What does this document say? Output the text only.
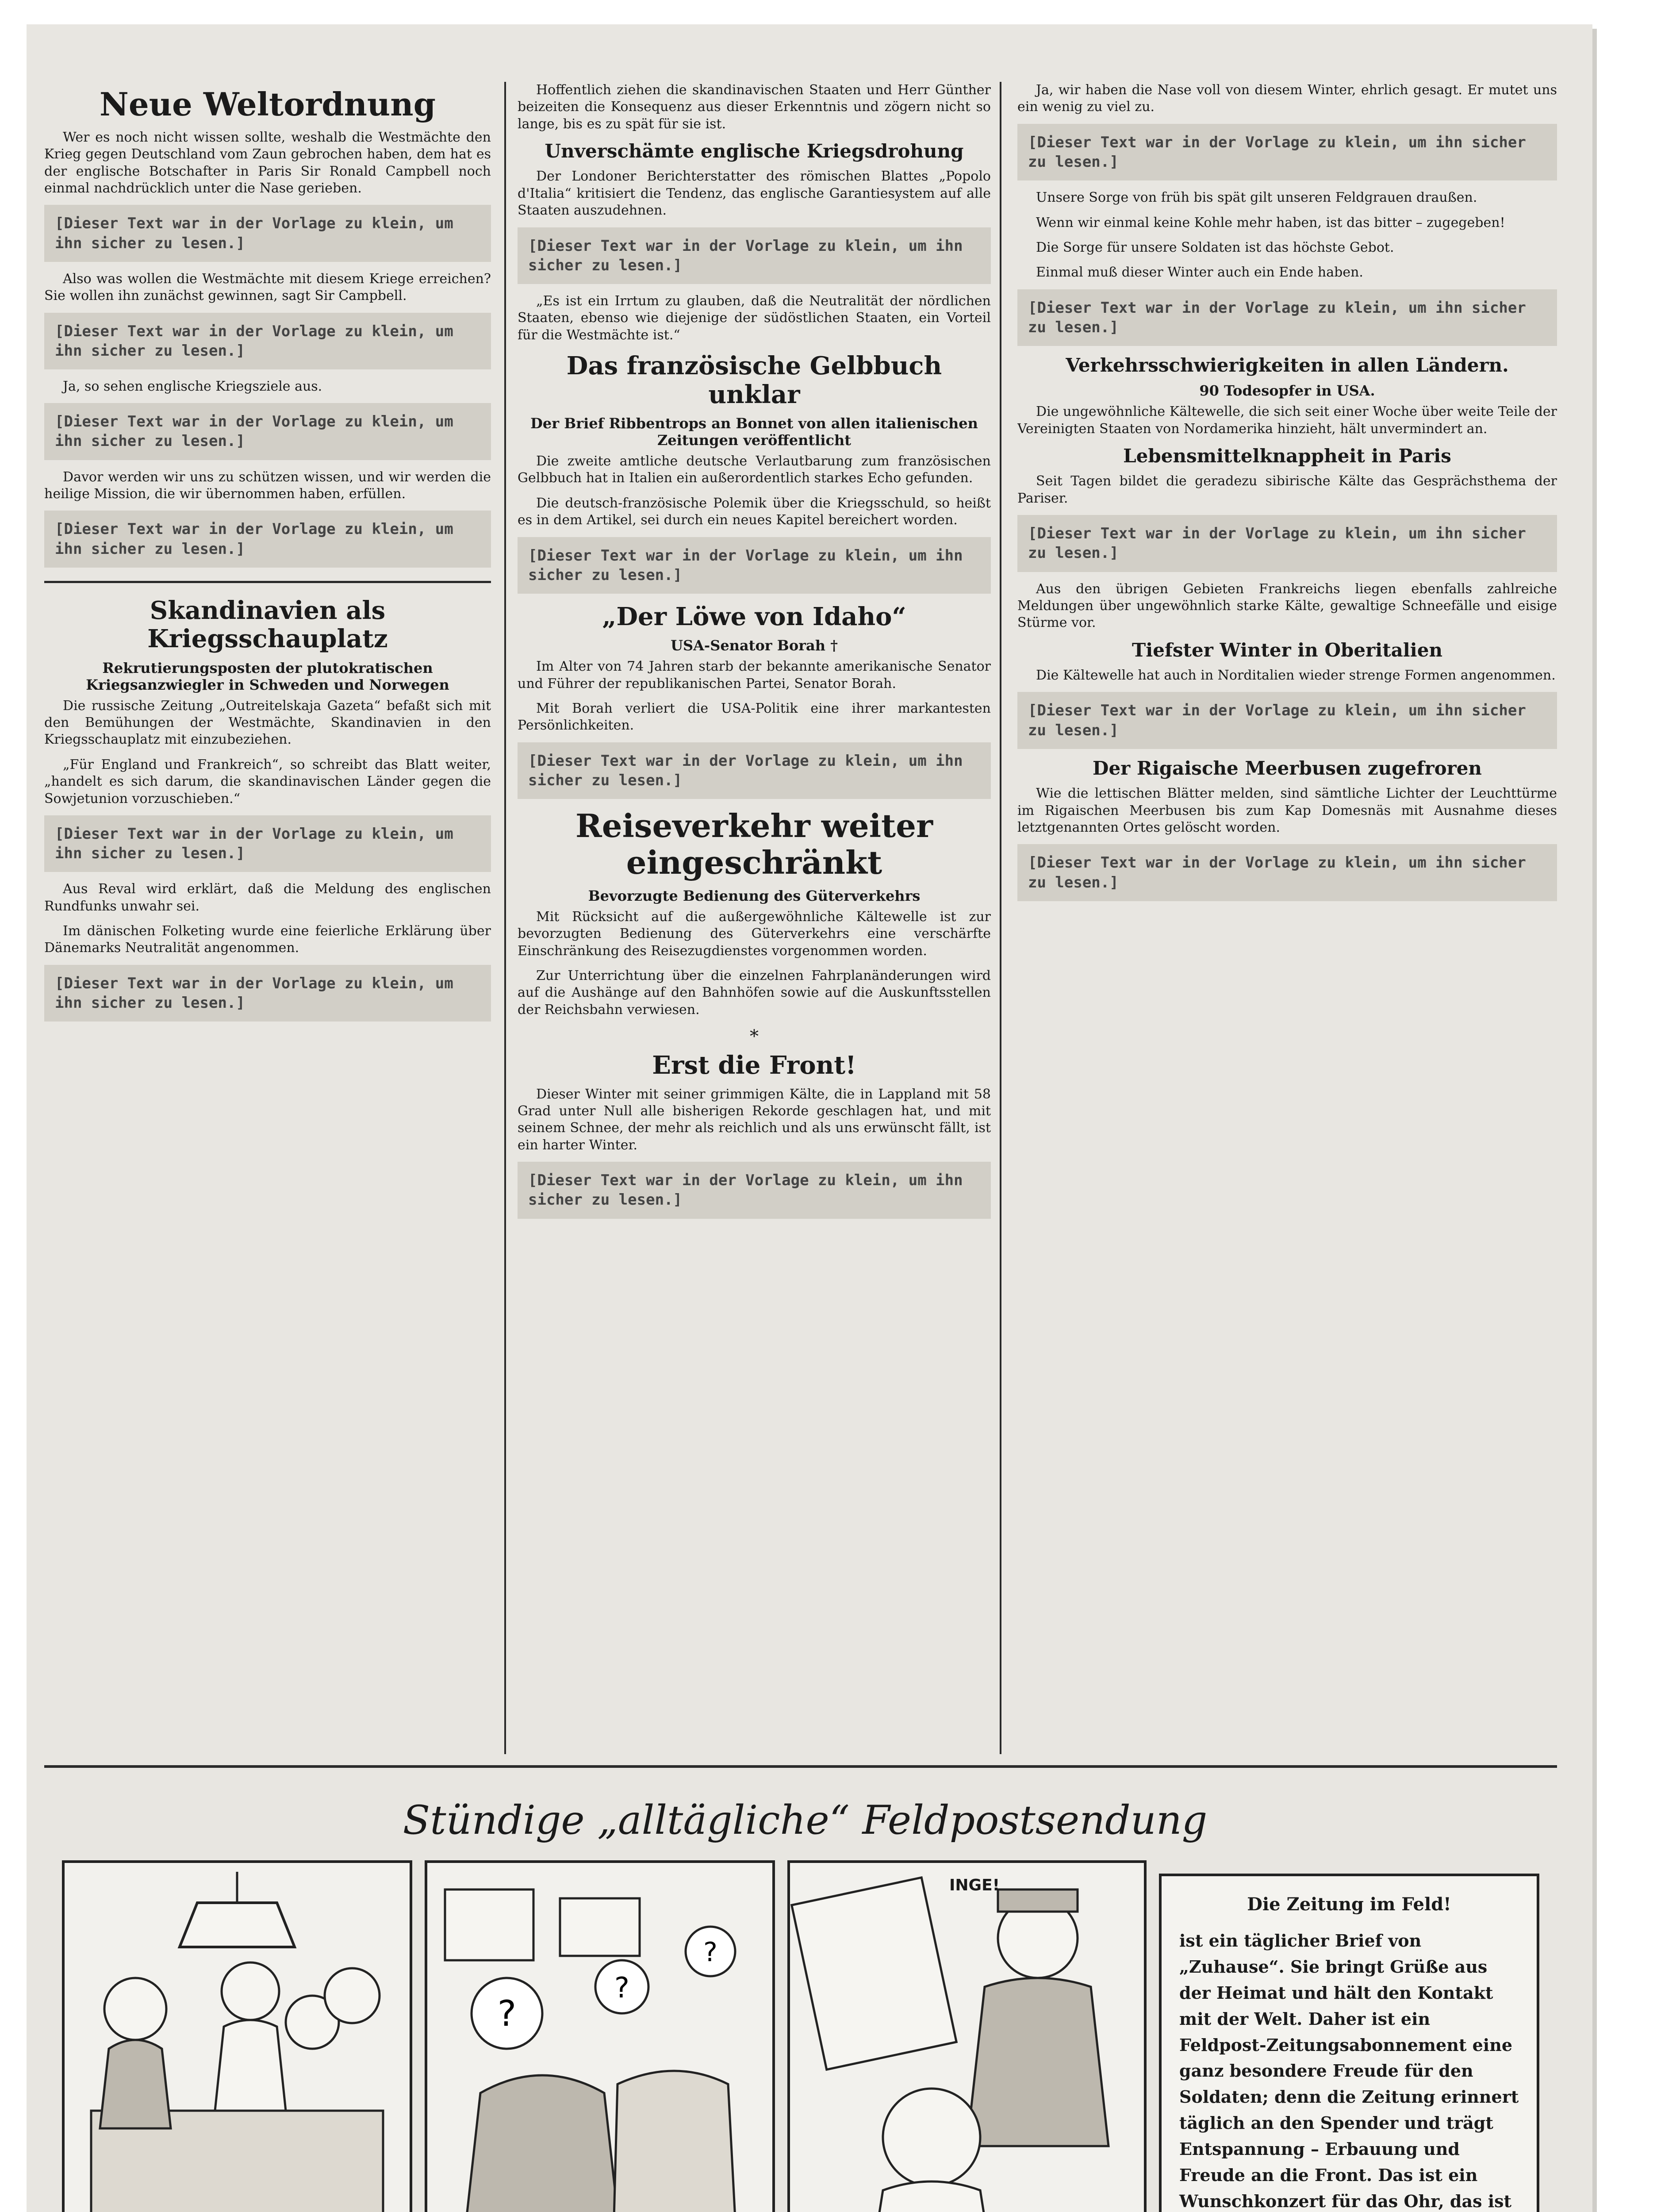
Neue Weltordnung

Wer es noch nicht wissen sollte, weshalb die Westmächte den Krieg gegen Deutschland vom Zaun gebrochen haben, dem hat es der englische Botschafter in Paris Sir Ronald Campbell noch einmal nachdrücklich unter die Nase gerieben.

[Dieser Text war in der Vorlage zu klein, um ihn sicher zu lesen.]

Also was wollen die Westmächte mit diesem Kriege erreichen? Sie wollen ihn zunächst gewinnen, sagt Sir Campbell.

[Dieser Text war in der Vorlage zu klein, um ihn sicher zu lesen.]

Ja, so sehen englische Kriegsziele aus.

[Dieser Text war in der Vorlage zu klein, um ihn sicher zu lesen.]

Davor werden wir uns zu schützen wissen, und wir werden die heilige Mission, die wir übernommen haben, erfüllen.

[Dieser Text war in der Vorlage zu klein, um ihn sicher zu lesen.]
Skandinavien als Kriegsschauplatz
Rekrutierungsposten der plutokratischen Kriegsanzwiegler in Schweden und Norwegen

Die russische Zeitung „Outreitelskaja Gazeta“ befaßt sich mit den Bemühungen der Westmächte, Skandinavien in den Kriegsschauplatz mit einzubeziehen.

„Für England und Frankreich“, so schreibt das Blatt weiter, „handelt es sich darum, die skandinavischen Länder gegen die Sowjetunion vorzuschieben.“

[Dieser Text war in der Vorlage zu klein, um ihn sicher zu lesen.]

Aus Reval wird erklärt, daß die Meldung des englischen Rundfunks unwahr sei.

Im dänischen Folketing wurde eine feierliche Erklärung über Dänemarks Neutralität angenommen.

[Dieser Text war in der Vorlage zu klein, um ihn sicher zu lesen.]

Hoffentlich ziehen die skandinavischen Staaten und Herr Günther beizeiten die Konsequenz aus dieser Erkenntnis und zögern nicht so lange, bis es zu spät für sie ist.

Unverschämte englische Kriegsdrohung

Der Londoner Berichterstatter des römischen Blattes „Popolo d'Italia“ kritisiert die Tendenz, das englische Garantiesystem auf alle Staaten auszudehnen.

[Dieser Text war in der Vorlage zu klein, um ihn sicher zu lesen.]

„Es ist ein Irrtum zu glauben, daß die Neutralität der nördlichen Staaten, ebenso wie diejenige der südöstlichen Staaten, ein Vorteil für die Westmächte ist.“

Das französische Gelbbuch unklar
Der Brief Ribbentrops an Bonnet von allen italienischen Zeitungen veröffentlicht

Die zweite amtliche deutsche Verlautbarung zum französischen Gelbbuch hat in Italien ein außerordentlich starkes Echo gefunden.

Die deutsch-französische Polemik über die Kriegsschuld, so heißt es in dem Artikel, sei durch ein neues Kapitel bereichert worden.

[Dieser Text war in der Vorlage zu klein, um ihn sicher zu lesen.]
„Der Löwe von Idaho“
USA-Senator Borah †

Im Alter von 74 Jahren starb der bekannte amerikanische Senator und Führer der republikanischen Partei, Senator Borah.

Mit Borah verliert die USA-Politik eine ihrer markantesten Persönlichkeiten.

[Dieser Text war in der Vorlage zu klein, um ihn sicher zu lesen.]
Reiseverkehr weiter eingeschränkt
Bevorzugte Bedienung des Güterverkehrs

Mit Rücksicht auf die außergewöhnliche Kältewelle ist zur bevorzugten Bedienung des Güterverkehrs eine verschärfte Einschränkung des Reisezugdienstes vorgenommen worden.

Zur Unterrichtung über die einzelnen Fahrplanänderungen wird auf die Aushänge auf den Bahnhöfen sowie auf die Auskunftsstellen der Reichsbahn verwiesen.

*
Erst die Front!

Dieser Winter mit seiner grimmigen Kälte, die in Lappland mit 58 Grad unter Null alle bisherigen Rekorde geschlagen hat, und mit seinem Schnee, der mehr als reichlich und als uns erwünscht fällt, ist ein harter Winter.

[Dieser Text war in der Vorlage zu klein, um ihn sicher zu lesen.]

Ja, wir haben die Nase voll von diesem Winter, ehrlich gesagt. Er mutet uns ein wenig zu viel zu.

[Dieser Text war in der Vorlage zu klein, um ihn sicher zu lesen.]

Unsere Sorge von früh bis spät gilt unseren Feldgrauen draußen.

Wenn wir einmal keine Kohle mehr haben, ist das bitter – zugegeben!

Die Sorge für unsere Soldaten ist das höchste Gebot.

Einmal muß dieser Winter auch ein Ende haben.

[Dieser Text war in der Vorlage zu klein, um ihn sicher zu lesen.]
Verkehrsschwierigkeiten in allen Ländern.
90 Todesopfer in USA.

Die ungewöhnliche Kältewelle, die sich seit einer Woche über weite Teile der Vereinigten Staaten von Nordamerika hinzieht, hält unvermindert an.

Lebensmittelknappheit in Paris

Seit Tagen bildet die geradezu sibirische Kälte das Gesprächsthema der Pariser.

[Dieser Text war in der Vorlage zu klein, um ihn sicher zu lesen.]

Aus den übrigen Gebieten Frankreichs liegen ebenfalls zahlreiche Meldungen über ungewöhnlich starke Kälte, gewaltige Schneefälle und eisige Stürme vor.

Tiefster Winter in Oberitalien

Die Kältewelle hat auch in Norditalien wieder strenge Formen angenommen.

[Dieser Text war in der Vorlage zu klein, um ihn sicher zu lesen.]
Der Rigaische Meerbusen zugefroren

Wie die lettischen Blätter melden, sind sämtliche Lichter der Leuchttürme im Rigaischen Meerbusen bis zum Kap Domesnäs mit Ausnahme dieses letztgenannten Ortes gelöscht worden.

[Dieser Text war in der Vorlage zu klein, um ihn sicher zu lesen.]
Stündige „alltägliche“ Feldpostsendung
?
?
?
INGE!
Die Zeitung im Feld!
ist ein täglicher Brief von „Zuhause“. Sie bringt Grüße aus der Heimat und hält den Kontakt mit der Welt. Daher ist ein Feldpost-Zeitungsabonnement eine ganz besondere Freude für den Soldaten; denn die Zeitung erinnert täglich an den Spender und trägt Entspannung – Erbauung und Freude an die Front. Das ist ein Wunschkonzert für das Ohr, das ist
